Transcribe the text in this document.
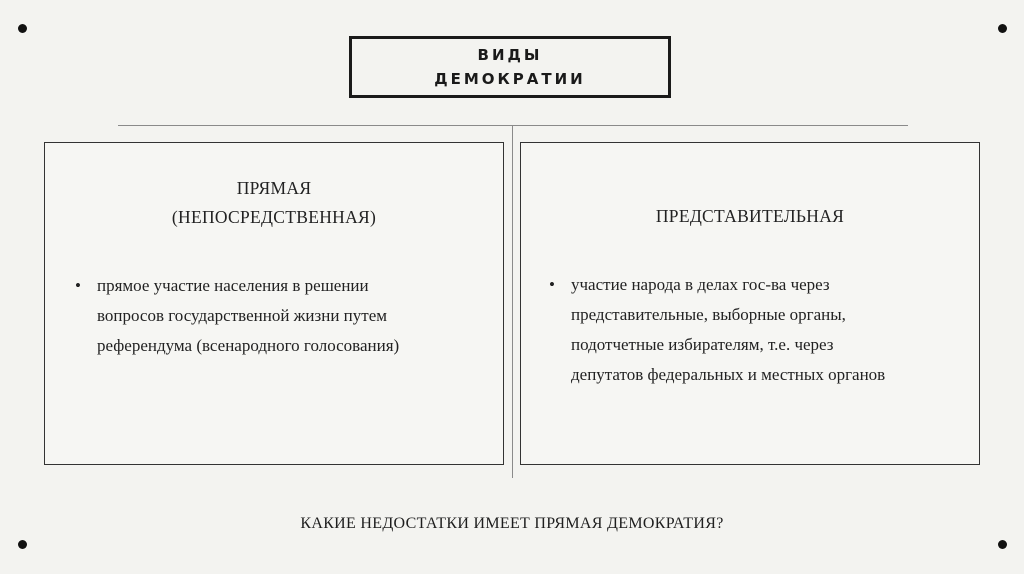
ВИДЫ
ДЕМОКРАТИИ
ПРЯМАЯ
(НЕПОСРЕДСТВЕННАЯ)
• прямое участие населения в решении
вопросов государственной жизни путем
референдума (всенародного голосования)
ПРЕДСТАВИТЕЛЬНАЯ
• участие народа в делах гос-ва через
представительные, выборные органы,
подотчетные избирателям, т.е. через
депутатов федеральных и местных органов
КАКИЕ НЕДОСТАТКИ ИМЕЕТ ПРЯМАЯ ДЕМОКРАТИЯ?
